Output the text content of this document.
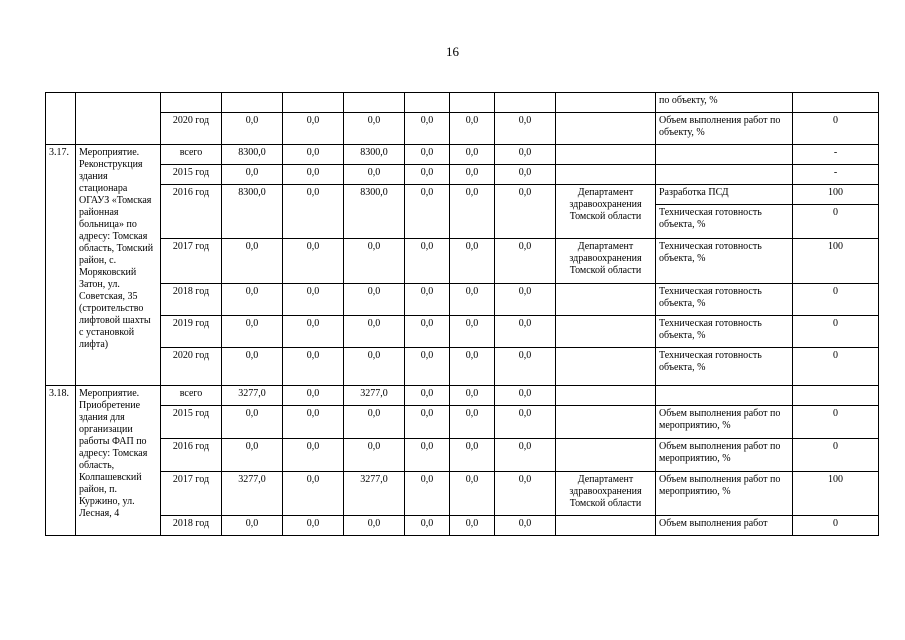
16
										по объекту, %	
		2020 год	0,0	0,0	0,0	0,0	0,0	0,0		Объем выполнения работ по объекту, %	0
3.17.	Мероприятие. Реконструкция здания стационара ОГАУЗ «Томская районная больница» по адресу: Томская область, Томский район, с. Моряковский Затон, ул. Советская, 35 (строительство лифтовой шахты с установкой лифта)	всего	8300,0	0,0	8300,0	0,0	0,0	0,0			-
		2015 год	0,0	0,0	0,0	0,0	0,0	0,0			-
		2016 год	8300,0	0,0	8300,0	0,0	0,0	0,0	Департамент здравоохранения Томской области	Разработка ПСД	100
										Техническая готовность объекта, %	0
		2017 год	0,0	0,0	0,0	0,0	0,0	0,0	Департамент здравоохранения Томской области	Техническая готовность объекта, %	100
		2018 год	0,0	0,0	0,0	0,0	0,0	0,0		Техническая готовность объекта, %	0
		2019 год	0,0	0,0	0,0	0,0	0,0	0,0		Техническая готовность объекта, %	0
		2020 год	0,0	0,0	0,0	0,0	0,0	0,0		Техническая готовность объекта, %	0
3.18.	Мероприятие. Приобретение здания для организации работы ФАП по адресу: Томская область, Колпашевский район, п. Куржино, ул. Лесная, 4	всего	3277,0	0,0	3277,0	0,0	0,0	0,0			
		2015 год	0,0	0,0	0,0	0,0	0,0	0,0		Объем выполнения работ по мероприятию, %	0
		2016 год	0,0	0,0	0,0	0,0	0,0	0,0		Объем выполнения работ по мероприятию, %	0
		2017 год	3277,0	0,0	3277,0	0,0	0,0	0,0	Департамент здравоохранения Томской области	Объем выполнения работ по мероприятию, %	100
		2018 год	0,0	0,0	0,0	0,0	0,0	0,0		Объем выполнения работ	0
